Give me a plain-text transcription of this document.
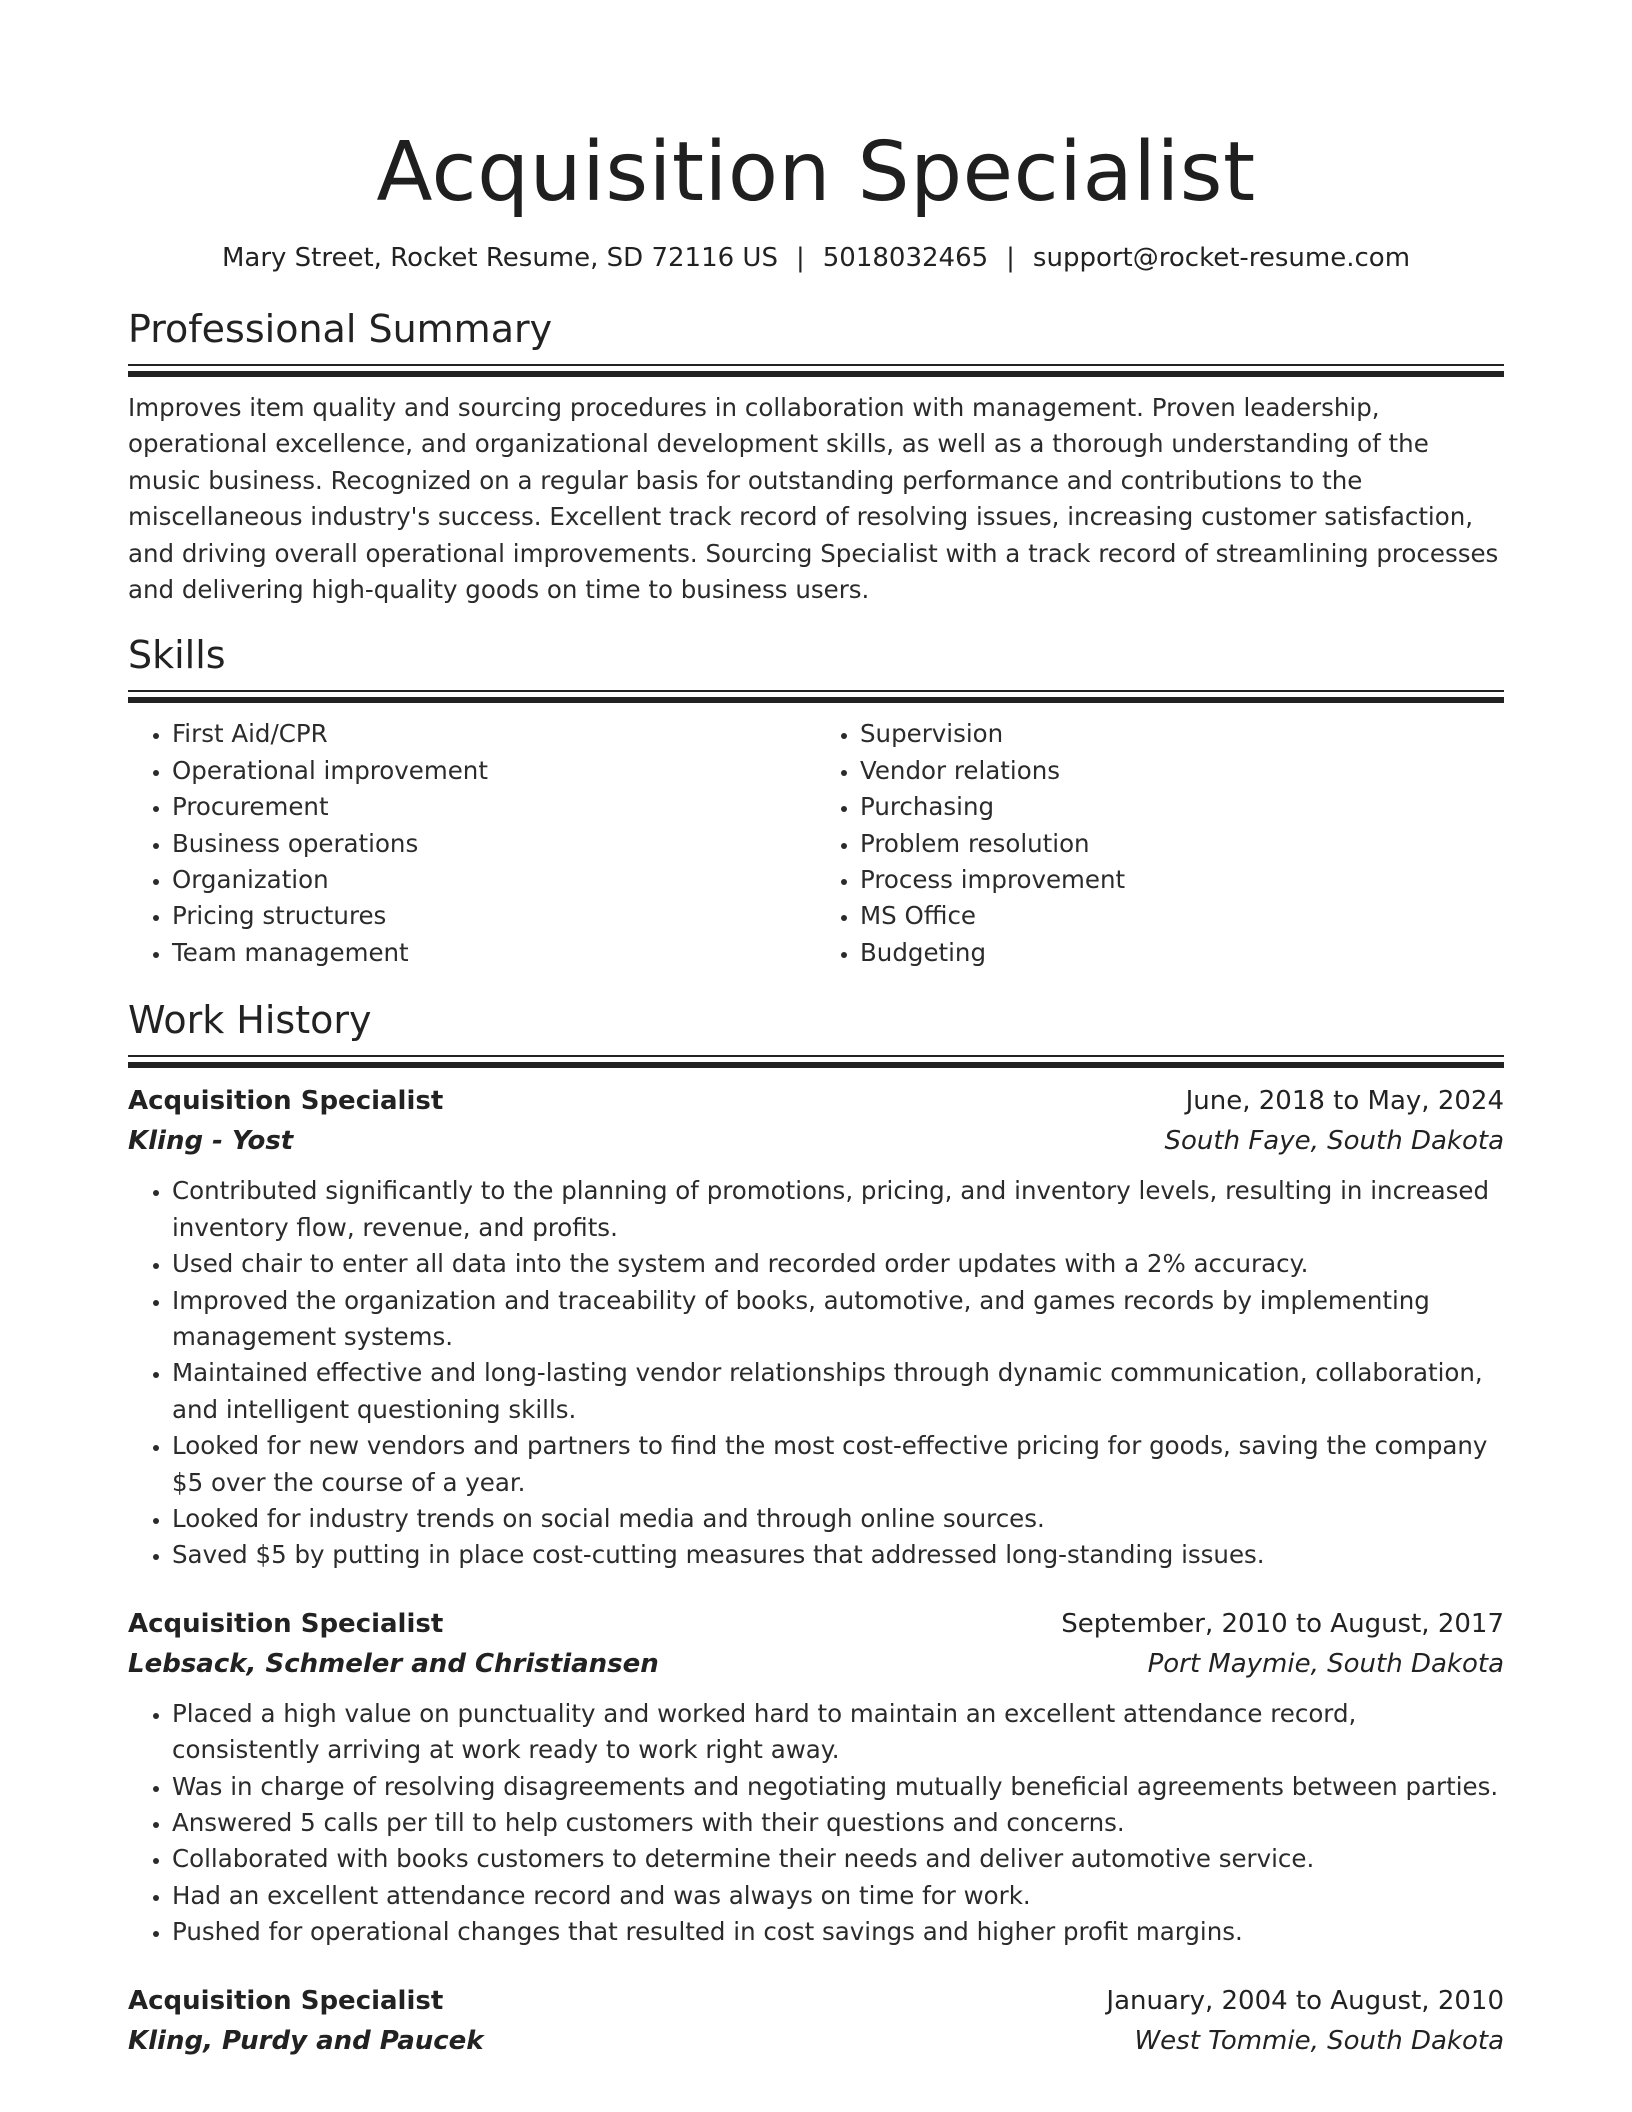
Acquisition Specialist
Mary Street, Rocket Resume, SD 72116 US | 5018032465 | support@rocket-resume.com
Professional Summary

Improves item quality and sourcing procedures in collaboration with management. Proven leadership, operational excellence, and organizational development skills, as well as a thorough understanding of the music business. Recognized on a regular basis for outstanding performance and contributions to the miscellaneous industry's success. Excellent track record of resolving issues, increasing customer satisfaction, and driving overall operational improvements. Sourcing Specialist with a track record of streamlining processes and delivering high-quality goods on time to business users.

Skills
• First Aid/CPR
• Operational improvement
• Procurement
• Business operations
• Organization
• Pricing structures
• Team management
• Supervision
• Vendor relations
• Purchasing
• Problem resolution
• Process improvement
• MS Office
• Budgeting
Work History
Acquisition Specialist	June, 2018 to May, 2024
Kling - Yost	South Faye, South Dakota
• Contributed significantly to the planning of promotions, pricing, and inventory levels, resulting in increased inventory flow, revenue, and profits.
• Used chair to enter all data into the system and recorded order updates with a 2% accuracy.
• Improved the organization and traceability of books, automotive, and games records by implementing management systems.
• Maintained effective and long-lasting vendor relationships through dynamic communication, collaboration, and intelligent questioning skills.
• Looked for new vendors and partners to find the most cost-effective pricing for goods, saving the company $5 over the course of a year.
• Looked for industry trends on social media and through online sources.
• Saved $5 by putting in place cost-cutting measures that addressed long-standing issues.
Acquisition Specialist	September, 2010 to August, 2017
Lebsack, Schmeler and Christiansen	Port Maymie, South Dakota
• Placed a high value on punctuality and worked hard to maintain an excellent attendance record, consistently arriving at work ready to work right away.
• Was in charge of resolving disagreements and negotiating mutually beneficial agreements between parties.
• Answered 5 calls per till to help customers with their questions and concerns.
• Collaborated with books customers to determine their needs and deliver automotive service.
• Had an excellent attendance record and was always on time for work.
• Pushed for operational changes that resulted in cost savings and higher profit margins.
Acquisition Specialist	January, 2004 to August, 2010
Kling, Purdy and Paucek	West Tommie, South Dakota
